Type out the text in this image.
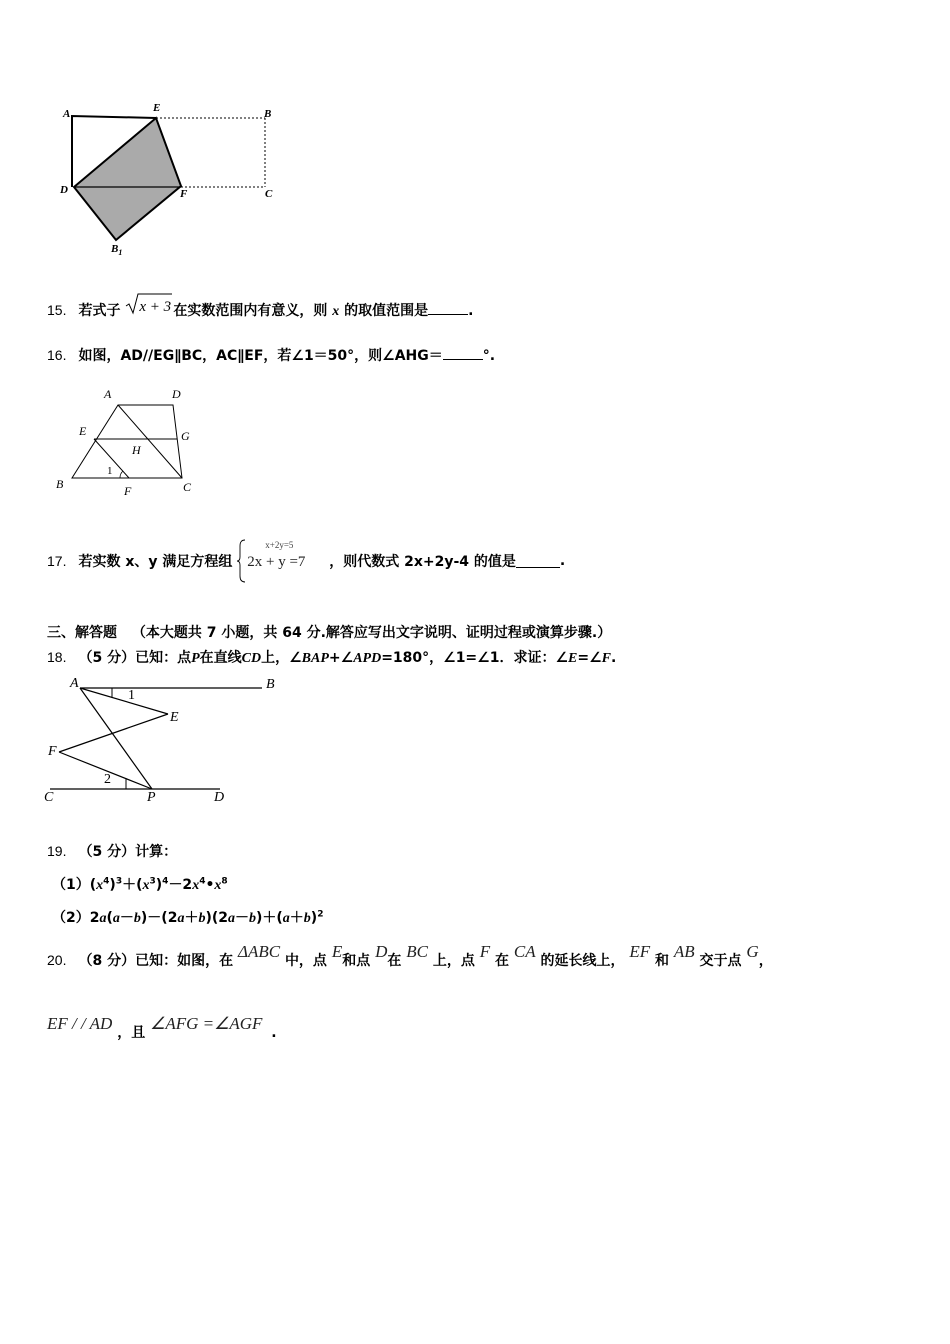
A	E	B
D	F	C
$B_1$
15. 若式子 x + 3 在实数范围内有意义，则 x 的取值范围是	.
16. 如图，AD//EG∥BC，AC∥EF，若∠1＝50°，则∠AHG＝	°.
A	D
E	G
H
B
1
F	C
17. 若实数 x、y 满足方程组
x+2y=5
2x + y =7 ，则代数式 2x+2y-4 的值是	.
三、解答题 （本大题共 7 小题，共 64 分.解答应写出文字说明、证明过程或演算步骤.）
18. （5 分）已知：点P在直线CD上，∠BAP+∠APD=180°，∠1=∠1．求证：∠E=∠F.
A	B
1
E
F
2
C	P	D
19. （5 分）计算：
$(1)(x^4)^3+(x^3)^4-2x^4•x^8$
$(2)2a(a-b)-(2a+b)(2a-b)+(a+b)^2$
20. （8 分）已知：如图，在 ΔABC 中，点 E和点 D在 BC 上，点 F 在 CA 的延长线上， EF 和 AB 交于点 G，
EF / / AD ，且 ∠AFG =∠AGF .
